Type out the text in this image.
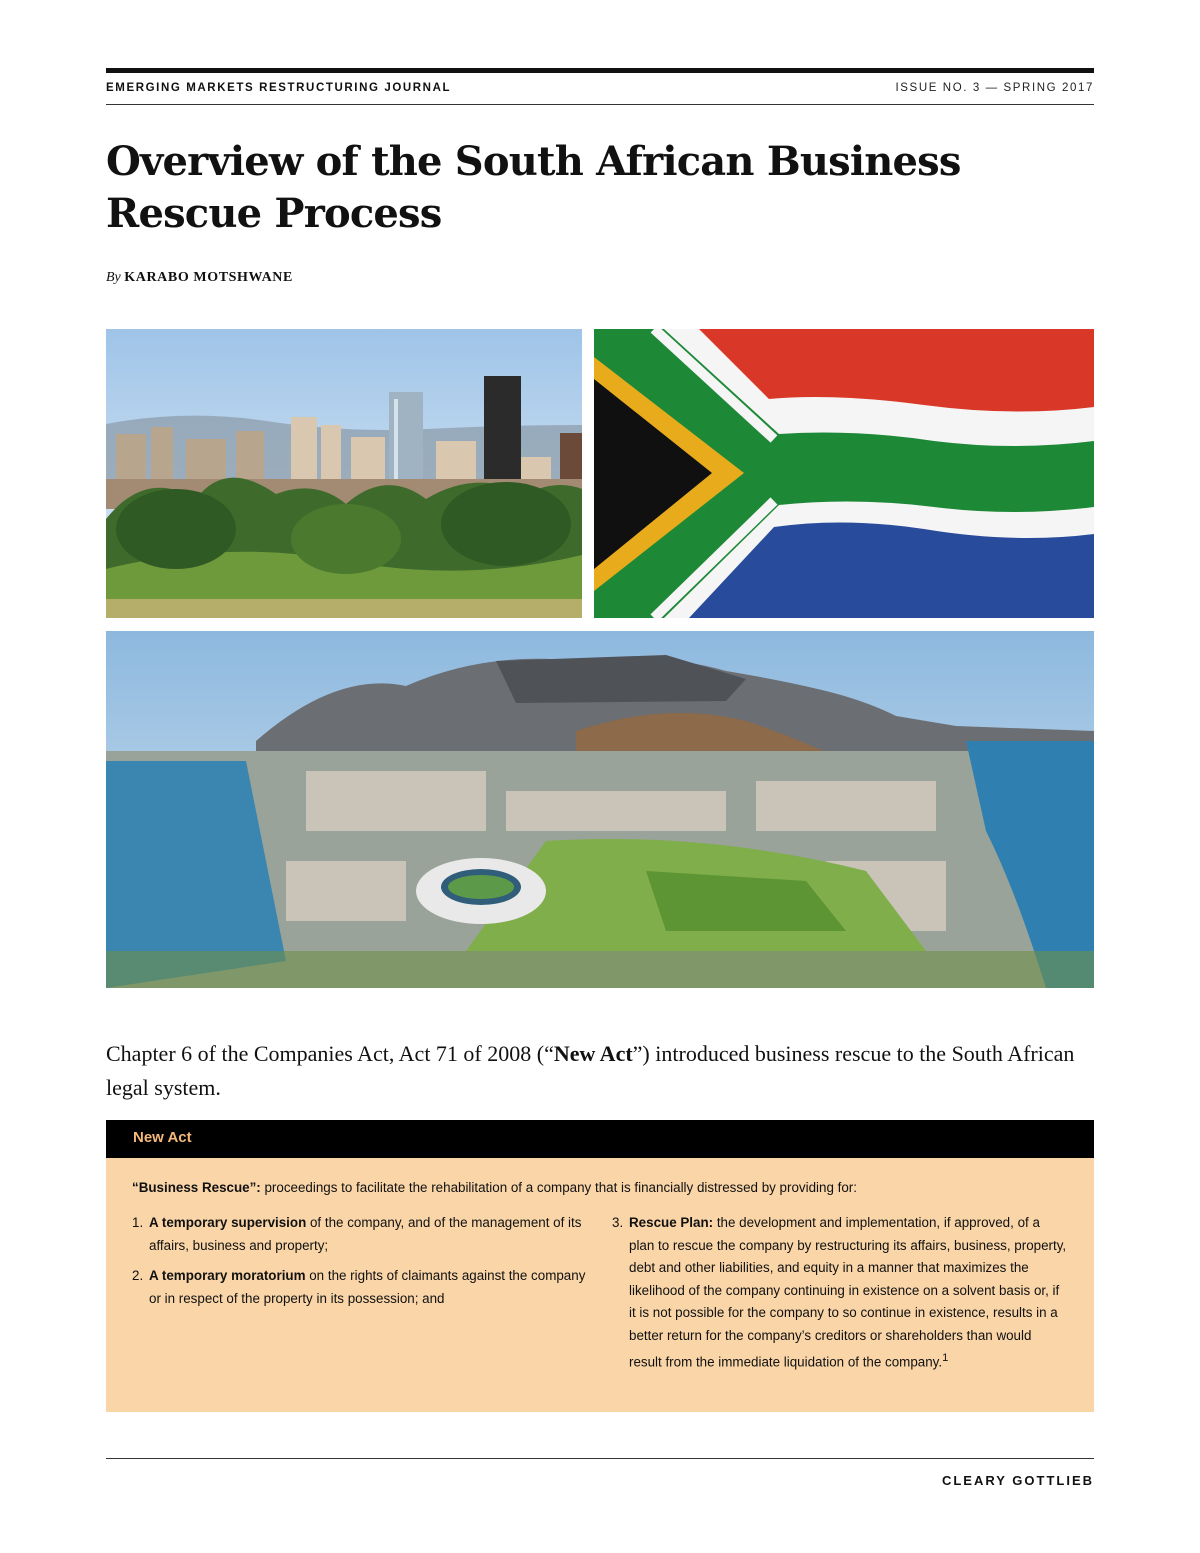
EMERGING MARKETS RESTRUCTURING JOURNAL	ISSUE NO. 3 — SPRING 2017
Overview of the South African Business Rescue Process
By KARABO MOTSHWANE

Chapter 6 of the Companies Act, Act 71 of 2008 (“New Act”) introduced business rescue to the South African legal system.

New Act
“Business Rescue”: proceedings to facilitate the rehabilitation of a company that is financially distressed by providing for:
1. A temporary supervision of the company, and of the management of its affairs, business and property;
2. A temporary moratorium on the rights of claimants against the company or in respect of the property in its possession; and
3. Rescue Plan: the development and implementation, if approved, of a plan to rescue the company by restructuring its affairs, business, property, debt and other liabilities, and equity in a manner that maximizes the likelihood of the company continuing in existence on a solvent basis or, if it is not possible for the company to so continue in existence, results in a better return for the company’s creditors or shareholders than would result from the immediate liquidation of the company.$^1$
CLEARY GOTTLIEB
